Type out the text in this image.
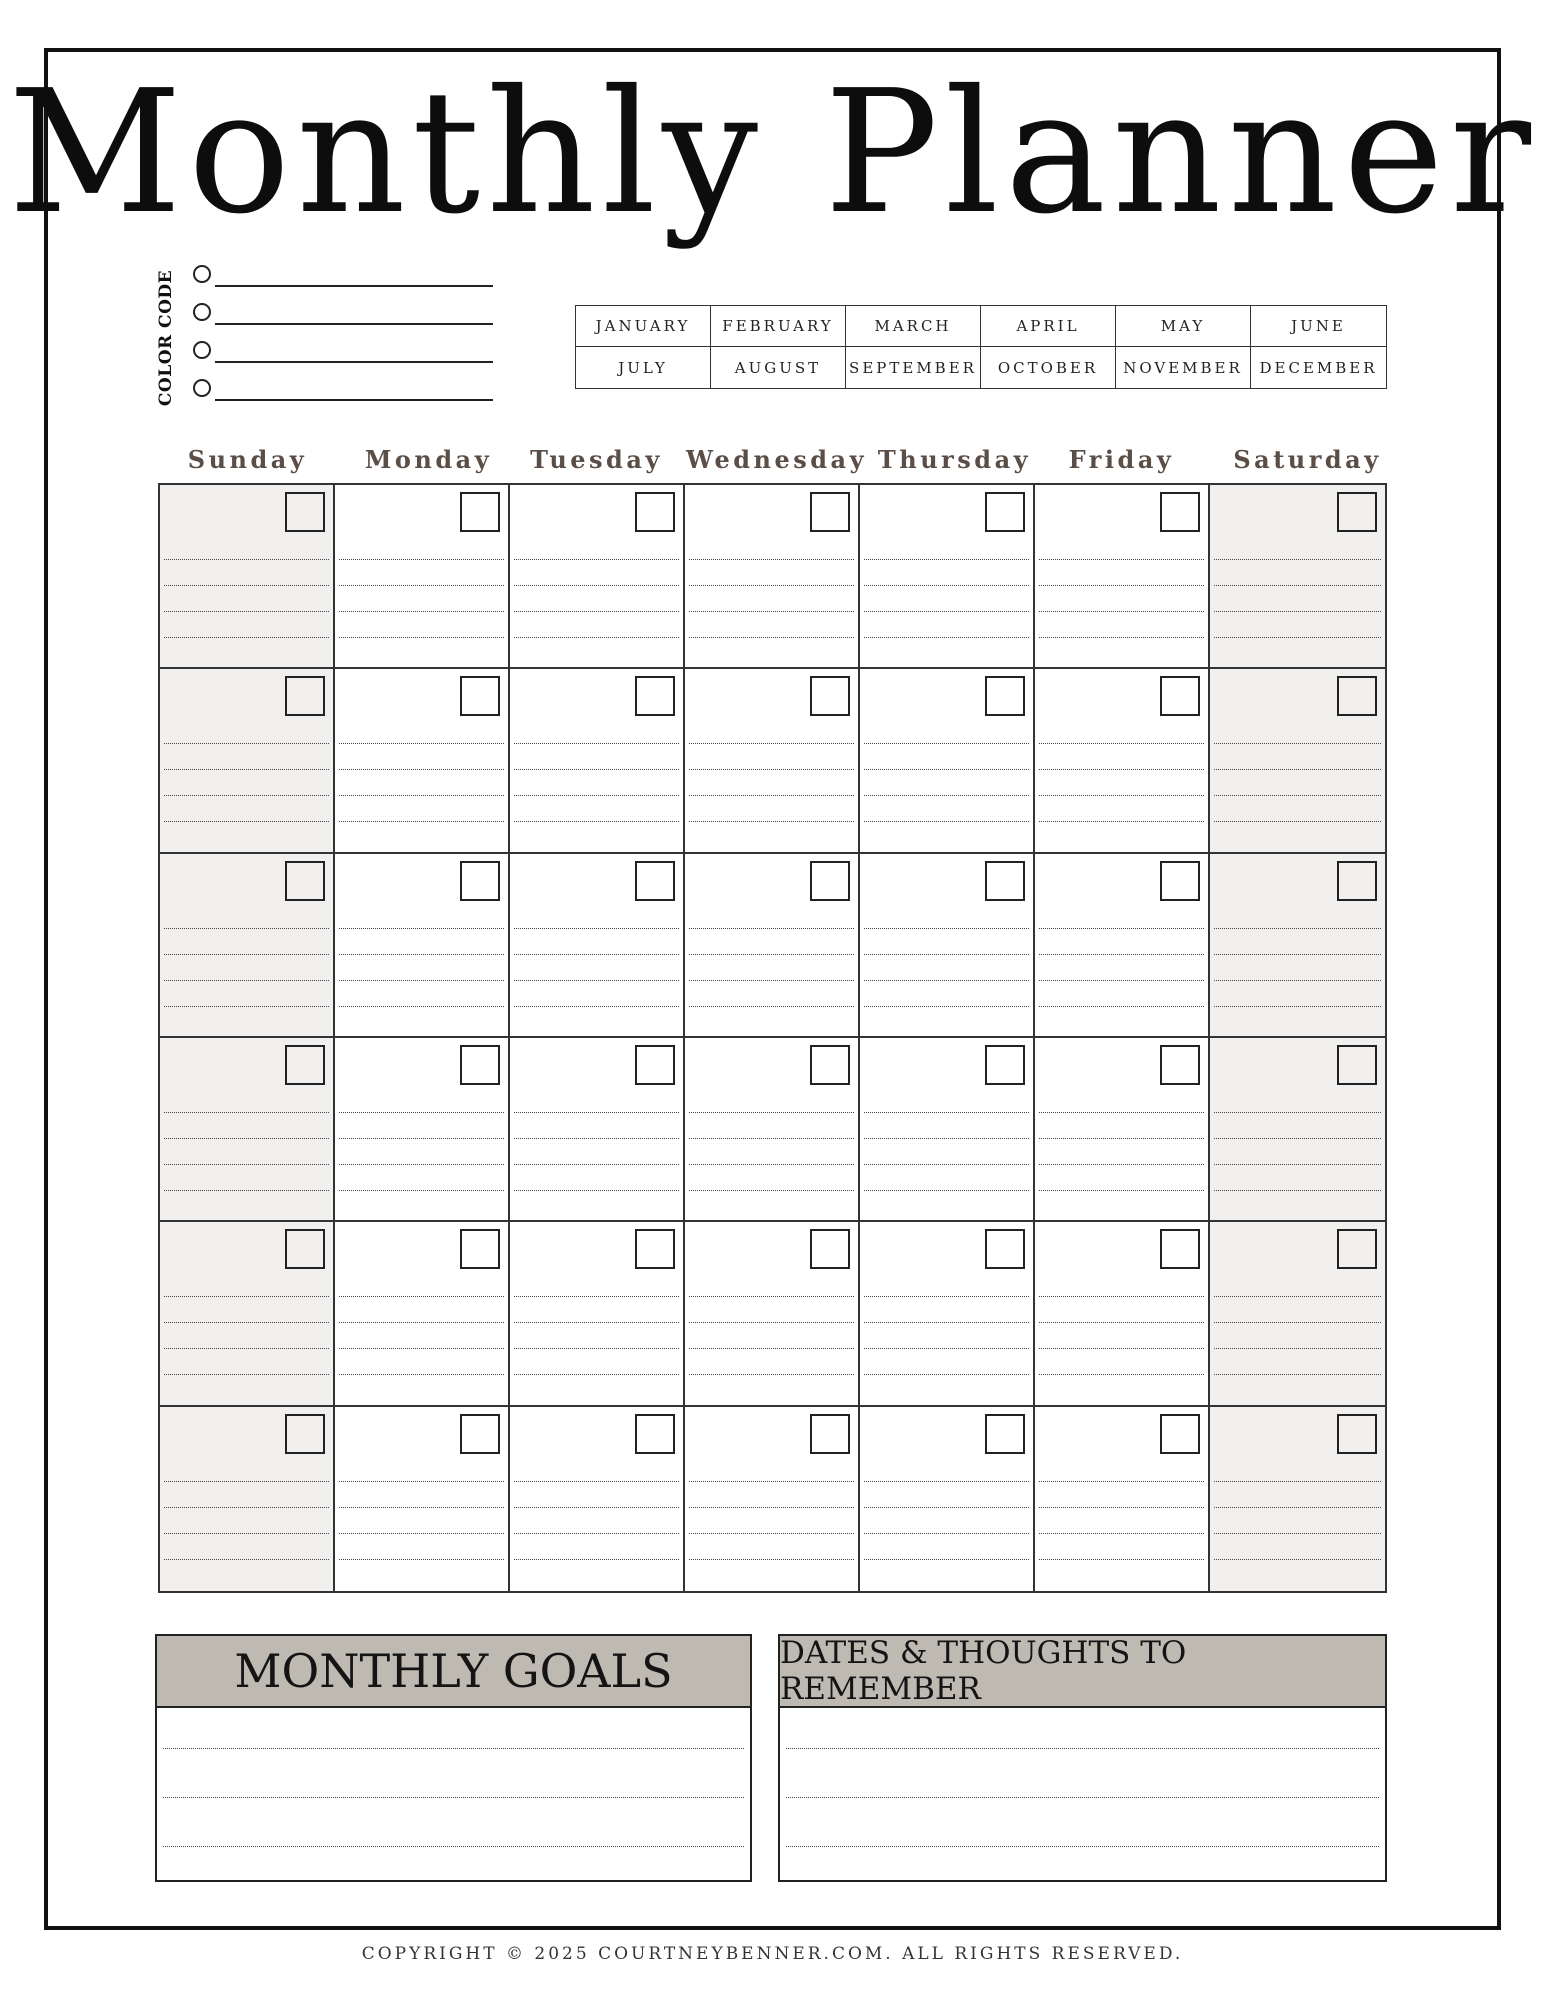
Monthly Planner
COLOR CODE	JANUARY	FEBRUARY	MARCH	APRIL	MAY	JUNE
JULY	AUGUST	SEPTEMBER	OCTOBER	NOVEMBER	DECEMBER
Sunday	Monday	Tuesday Wednesday Thursday	Friday	Saturday
MONTHLY GOALS	DATES & THOUGHTS TO REMEMBER
COPYRIGHT © 2025 COURTNEYBENNER.COM. ALL RIGHTS RESERVED.
